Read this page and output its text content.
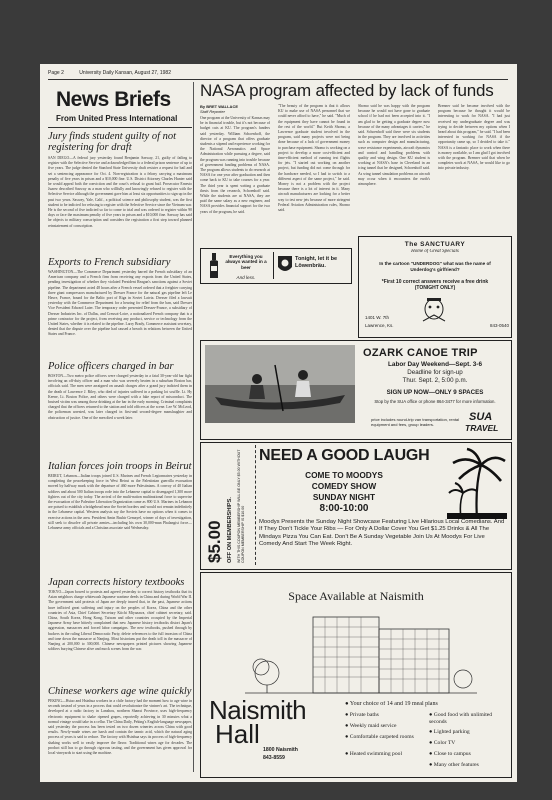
Page 2	University Daily Kansan, August 27, 1982
News Briefs
From United Press International
Jury finds student guilty of not registering for draft
SAN DIEGO—A federal jury yesterday found Benjamin Sasway, 21, guilty of failing to register with the Selective Service and acknowledged him to a federal prison sentence of up to five years. The judge denied the Stanford State University draft resister a request for bail and set a sentencing appearance for Oct. 4. Non-registration is a felony carrying a maximum penalty of five years in prison and a $10,000 fine. U.S. District Attorney Charles Hunter said he would appeal both the conviction and the court's refusal to grant bail. Prosecutor Ernesto Juarez described Sasway as a man who willfully and knowingly refused to register with the Selective Service although the government gave him at least six opportunities to sign up in the past two years. Sasway, Yale, Calif., a political science and philosophy student, was the first student to be indicted for refusing to register with the Selective Service since the Vietnam war. He is the second of five indicted so far to come to trial and was ordered to register within 90 days or face the maximum penalty of five years in prison and a $10,000 fine. Sasway has said he objects to military conscription and considers the registration a first step toward planned reinstatement of conscription.
Exports to French subsidiary
WASHINGTON—The Commerce Department yesterday barred the French subsidiary of an American company and a French firm from receiving any exports from the United States, pending investigation of whether they violated President Reagan's sanctions against a Soviet pipeline. The department acted 48 hours after a French vessel ordered that a freighter carrying three giant compressors manufactured by Dresser France for the natural gas pipeline left Le Havre, France, bound for the Baltic port of Riga in Soviet Latvia. Dresser filed a lawsuit yesterday with the Commerce Department for a hearing for relief from the ban, said Dresser Vice President Edward Luter. The temporary order presented Dresser-France, a subsidiary of Dresser Industries Inc. of Dallas, and Creusot-Loire, a nationalized French company that is a prime contractor for the project, from receiving any product, service or technology from the United States, whether it is related to the pipeline. Larry Brady, Commerce assistant secretary, denied that the dispute over the pipeline had caused a breach in relations between the United States and France.
Police officers charged in bar
BOSTON—Two metro police officers were charged yesterday in a fatal 30-year-old bar fight involving an off-duty officer and a man who was severely beaten in a suburban Boston bar, officials said. The men were arraigned on assault charges after a grand jury indicted them in the death of Lawrence J. Riley, who died of injuries suffered in a parking lot scuffle. Lt. Hy Keene, Lt. Boston Police, and others were charged with a fake report of misconduct. The bruised victim was among those drinking at the bar in the early morning. Criminal complaints charged that the officers returned to the station and told officers at the scene. Lee W. McLeod, the policeman arrested, was later charged in first-and second-degree manslaughter and obstruction of justice. One of the men died a week later.
Italian forces join troops in Beirut
BEIRUT, Lebanon—Italian troops joined U.S. Marines and French Legionnaires yesterday in completing the peacekeeping force in West Beirut as the Palestinian guerrilla evacuation moved by halfway mark with the departure of 460 more Palestinians. A convoy of 40 Italian soldiers and about 500 Italian troops rode into the Lebanese capital to disengaged 1,300 more fighters out of the city today. The arrival of the multi-nation multinational force to supervise the evacuation of the Palestine Liberation Organization came as 800 U.S. Marines in Lebanon are poised to establish a bridgehead near the Soviet borders and would not remain indefinitely in the Lebanese capital. Western analysts say the Soviets have no options when it comes to exercise actions in the area. President Amin Bashir Gemayel, winner of days of investigation, still seek to dissolve all private armies—including his own 30,000-man Phalangist force—Lebanese army officials and a Christian associate said Wednesday.
Japan corrects history textbooks
TOKYO—Japan bowed to protests and agreed yesterday to correct history textbooks that its Asian neighbors charge whitewash Japanese wartime deeds in China and during World War II. The government said protests of Japan are deeply inured that, in the past, Japanese actions have inflicted great suffering and injury on the peoples of Korea, China and the other countries of Asia, Chief Cabinet Secretary Kiichi Miyazawa, chief cabinet secretary, said. China, South Korea, Hong Kong, Taiwan and other countries occupied by the Imperial Japanese Army have bitterly complained that new Japanese history textbooks distort Japan's aggression, massacres and forced labor campaigns. The new textbooks, pushed through by backers in the ruling Liberal Democratic Party, delete references to the full invasion of China and tone down the massacre at Nanjing. Most historians put the death toll in the massacre of Nanjing at 200,000 to 300,000. Chinese newspapers printed pictures showing Japanese soldiers burying Chinese alive and mock scenes from the war.
Chinese workers age wine quickly
PEKING—Hsiao and Hsinhua workers in a chile factory had the moment how to age wine in seconds instead of years in a process that could revolutionize the vintner's art. The technique, developed at a radio factory in Lanzhou, northern Shanxi Province, uses high-frequency electronic equipment to shake ripened grapes, reportedly achieving in 30 minutes what a normal vintage would take in a cellar. The China Daily, Peking's English-language newspaper, said yesterday the process has been tested on two dozen wineries across China with good results. Newly-made wines are harsh and contain the tannic acid, which the natural aging process of years is said to reduce. The factory with Hsinhua says its process of high-frequency shaking works well to vastly improve the flavor. Traditional wines age for decades. The product still has to go through rigorous tasting, and the government has given approval for local vineyards to start using the machine.
NASA program affected by lack of funds
By BRET WALLACE
Staff Reporter
One program at the University of Kansas may be in financial trouble, but it's not because of budget cuts at KU. The program's funders said yesterday. William Schoenhoff, the director of a program that offers graduate students a stipend and experience working for the National Aeronautics and Space Administration while pursuing a degree, said the program was running into trouble because of government funding problems of NASA. The program allows students to do research at NASA for one year after graduation and then come back to KU to take courses for a year. The third year is spent writing a graduate thesis from the research, Schoenhoff said. While the students are at NASA, they are paid the same salary as a new engineer, and NASA provides financial support for the two years of the program, he said.
"The beauty of the program is that it allows KU to make use of NASA personnel that we could never afford to have," he said. "Much of the equipment they have cannot be found in the rest of the world." But Keith Shomo, a Lawrence graduate student involved in the program, said many projects were not being done because of a lack of government money to purchase equipment. Shomo is working on a project to develop a more cost-efficient and time-efficient method of running test flights for jets. "I started out working on another project, but funding did not come through for the hardware needed, so I had to switch to a different aspect of the same project," he said. Money is not a problem with the project because there is a lot of interest in it. Many aircraft manufacturers are looking for a better way to test new jets because of more stringent Federal Aviation Administration rules, Shomo said.
Shomo said he was happy with the program because he would not have gone to graduate school if he had not been accepted into it. "I am glad to be getting a graduate degree now because of the many advantages it carries," he said. Schoenhoff said there were six students in the program. They are involved in activities such as computer design and manufacturing, wave resistance experiments, aircraft dynamics and control and handling problems with quality and wing design. One KU student is working at NASA's base in Cleveland in an icing tunnel that he designed, Schoenhoff said. As wing tunnel simulation problems on aircraft may occur when it encounters the earth's atmosphere.
Brenner said he became involved with the program because he thought it would be interesting to work for NASA. "I had just received my undergraduate degree and was trying to decide between my options when I heard about this program," he said. "I had been interested in working for NASA if the opportunity came up, so I decided to take it." NASA is a fantastic place to work when there is money available, so I am glad I got involved with the program. Brenner said that when he completes work at NASA, he would like to go into private industry.
Everything you always wanted in a beer
And less.
Tonight, let it be Löwenbräu.
The SANCTUARY
Home of Great Specials
In the cartoon "UNDERDOG" what was the name of Underdog's girlfriend?
*First 10 correct answers receive a free drink (TONIGHT ONLY)
1401 W. 7th
Lawrence, Ks.	843-0540
OZARK CANOE TRIP
Labor Day Weekend—Sept. 3-6
Deadline for sign-up
Thur. Sept. 2, 5:00 p.m.
SIGN UP NOW—ONLY 9 SPACES
Stop by the SUA office or phone 864-3477 for more information.
price includes round-trip van transportation, rental equipment and fees, group leaders.
SUA
TRAVEL
$5.00 OFF ON MEMBERSHIPS.	WITH THIS COUPON MEMBERSHIP WILL BE ONLY $5.00 WITHOUT COUPON MEMBERSHIP IS $10.00
NEED A GOOD LAUGH
COME TO MOODYS
COMEDY SHOW
SUNDAY NIGHT
8:00-10:00
Moodys Presents the Sunday Night Showcase Featuring Live Hilarious Local Comedians. And If They Don't Tickle Your Ribs — For Only A Dollar Cover You Get $1.25 Drinks & All The Mindays Pizza You Can Eat. Don't Be A Sunday Vegetable Join Us At Moodys For Live Comedy And Start The Week Right.
Space Available at Naismith
Naismith
Hall
1800 Naismith
843-8559
● Your choice of 14 and 19 meal plans
● Private baths
● Weekly maid service
● Comfortable carpeted rooms
● Heated swimming pool
● Good food with unlimited seconds
● Lighted parking
● Color TV
● Close to campus
● Many other features
